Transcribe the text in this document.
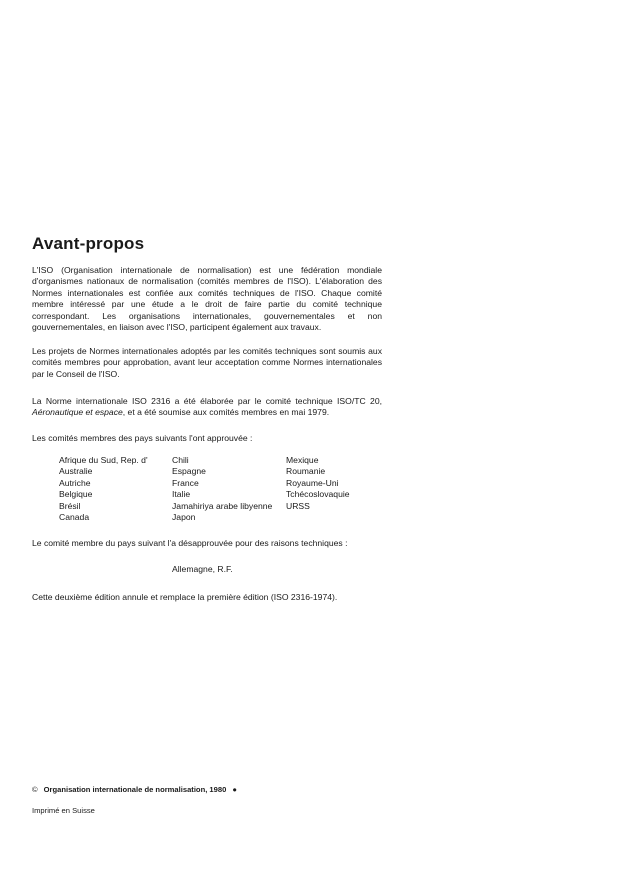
Avant-propos

L'ISO (Organisation internationale de normalisation) est une fédération mondiale d'organismes nationaux de normalisation (comités membres de l'ISO). L'élaboration des Normes internationales est confiée aux comités techniques de l'ISO. Chaque comité membre intéressé par une étude a le droit de faire partie du comité technique correspondant. Les organisations internationales, gouvernementales et non gouvernementales, en liaison avec l'ISO, participent également aux travaux.

Les projets de Normes internationales adoptés par les comités techniques sont soumis aux comités membres pour approbation, avant leur acceptation comme Normes internationales par le Conseil de l'ISO.

La Norme internationale ISO 2316 a été élaborée par le comité technique ISO/TC 20, Aéronautique et espace, et a été soumise aux comités membres en mai 1979.

Les comités membres des pays suivants l'ont approuvée :

Afrique du Sud, Rep. d'
Australie
Autriche
Belgique
Brésil
Canada
Chili
Espagne
France
Italie
Jamahiriya arabe libyenne
Japon
Mexique
Roumanie
Royaume-Uni
Tchécoslovaquie
URSS

Le comité membre du pays suivant l'a désapprouvée pour des raisons techniques :

Allemagne, R.F.

Cette deuxième édition annule et remplace la première édition (ISO 2316-1974).

© Organisation internationale de normalisation, 1980 ●

Imprimé en Suisse
